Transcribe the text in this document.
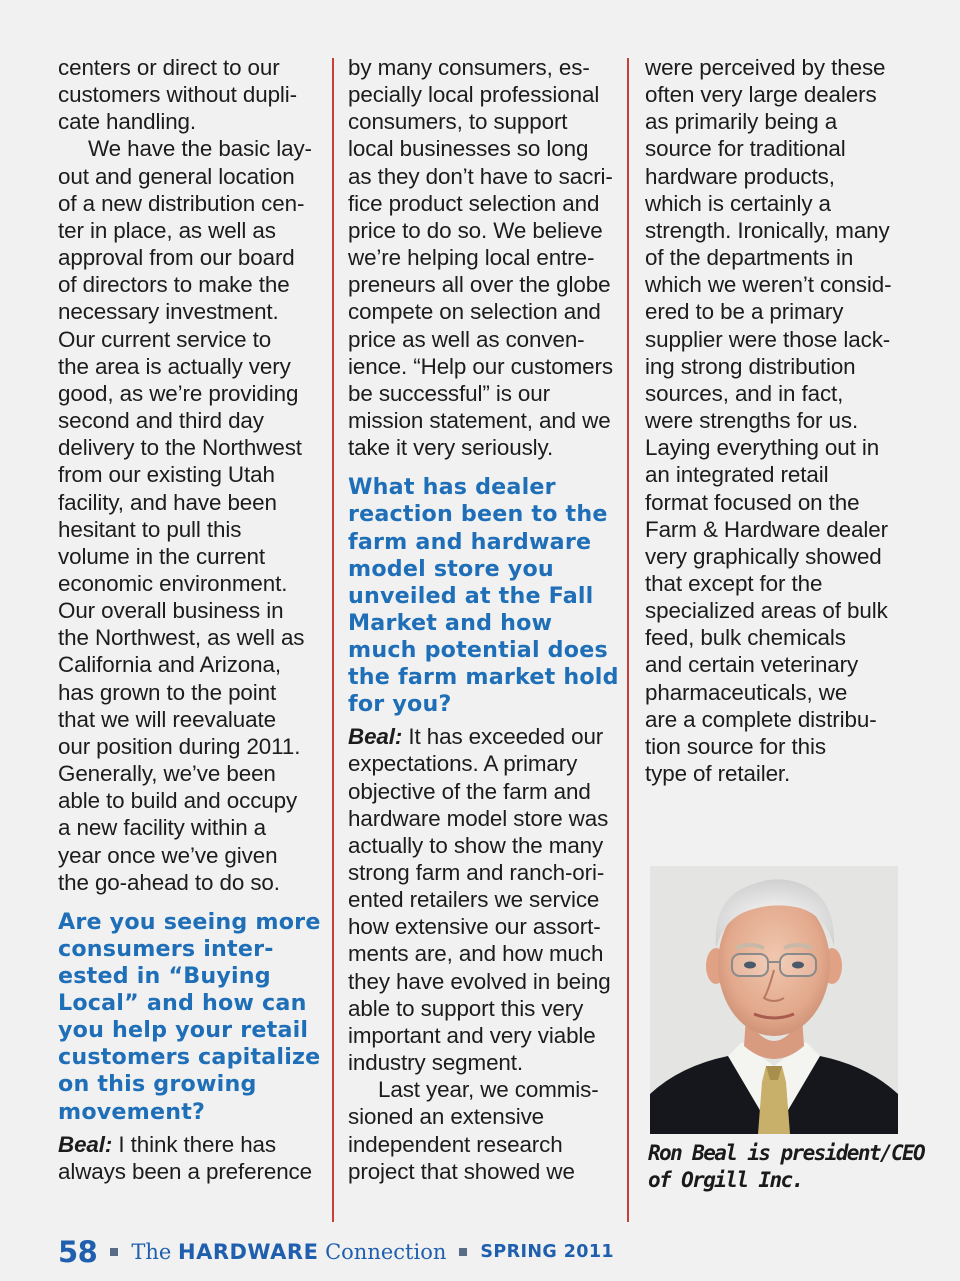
centers or direct to our
customers without dupli-
cate handling.
We have the basic lay-
out and general location
of a new distribution cen-
ter in place, as well as
approval from our board
of directors to make the
necessary investment.
Our current service to
the area is actually very
good, as we’re providing
second and third day
delivery to the Northwest
from our existing Utah
facility, and have been
hesitant to pull this
volume in the current
economic environment.
Our overall business in
the Northwest, as well as
California and Arizona,
has grown to the point
that we will reevaluate
our position during 2011.
Generally, we’ve been
able to build and occupy
a new facility within a
year once we’ve given
the go-ahead to do so.
Are you seeing more
consumers inter-
ested in “Buying
Local” and how can
you help your retail
customers capitalize
on this growing
movement?
Beal: I think there has
always been a preference
by many consumers, es-
pecially local professional
consumers, to support
local businesses so long
as they don’t have to sacri-
fice product selection and
price to do so. We believe
we’re helping local entre-
preneurs all over the globe
compete on selection and
price as well as conven-
ience. “Help our customers
be successful” is our
mission statement, and we
take it very seriously.
What has dealer
reaction been to the
farm and hardware
model store you
unveiled at the Fall
Market and how
much potential does
the farm market hold
for you?
Beal: It has exceeded our
expectations. A primary
objective of the farm and
hardware model store was
actually to show the many
strong farm and ranch-ori-
ented retailers we service
how extensive our assort-
ments are, and how much
they have evolved in being
able to support this very
important and very viable
industry segment.
Last year, we commis-
sioned an extensive
independent research
project that showed we
were perceived by these
often very large dealers
as primarily being a
source for traditional
hardware products,
which is certainly a
strength. Ironically, many
of the departments in
which we weren’t consid-
ered to be a primary
supplier were those lack-
ing strong distribution
sources, and in fact,
were strengths for us.
Laying everything out in
an integrated retail
format focused on the
Farm & Hardware dealer
very graphically showed
that except for the
specialized areas of bulk
feed, bulk chemicals
and certain veterinary
pharmaceuticals, we
are a complete distribu-
tion source for this
type of retailer.
Ron Beal is president/CEO
of Orgill Inc.
58 The HARDWARE Connection SPRING 2011
